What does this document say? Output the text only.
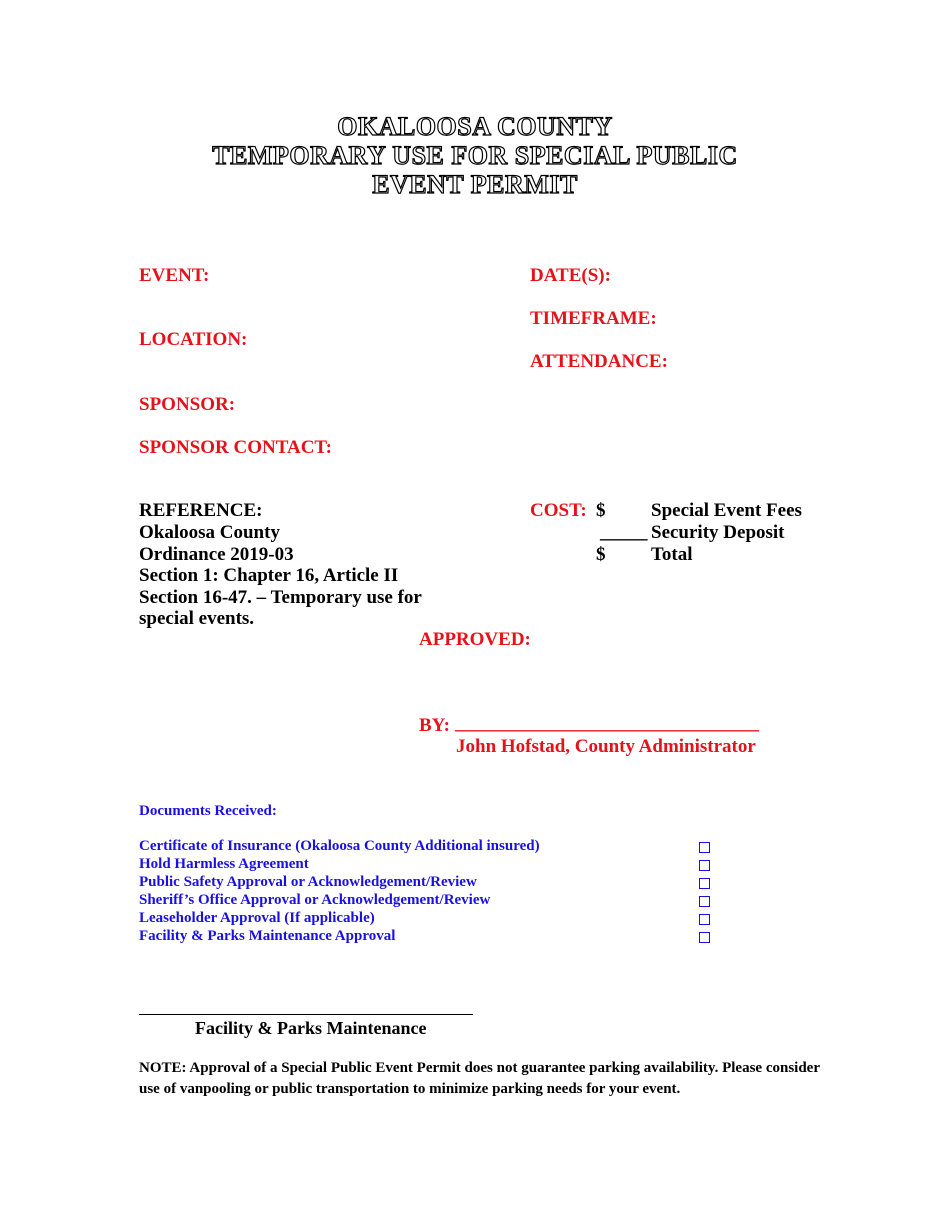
OKALOOSA COUNTY
TEMPORARY USE FOR SPECIAL PUBLIC
EVENT PERMIT
EVENT:	DATE(S):
TIMEFRAME:
LOCATION:
ATTENDANCE:
SPONSOR:
SPONSOR CONTACT:
REFERENCE:
Okaloosa County
Ordinance 2019-03
Section 1: Chapter 16, Article II
Section 16-47. – Temporary use for
special events.
COST: $ Special Event Fees
_____ Security Deposit
$ Total
APPROVED:
BY: ________________________________
John Hofstad, County Administrator
Documents Received:
Certificate of Insurance (Okaloosa County Additional insured)
Hold Harmless Agreement
Public Safety Approval or Acknowledgement/Review
Sheriff’s Office Approval or Acknowledgement/Review
Leaseholder Approval (If applicable)
Facility & Parks Maintenance Approval
Facility & Parks Maintenance
NOTE: Approval of a Special Public Event Permit does not guarantee parking availability. Please consider use of vanpooling or public transportation to minimize parking needs for your event.
